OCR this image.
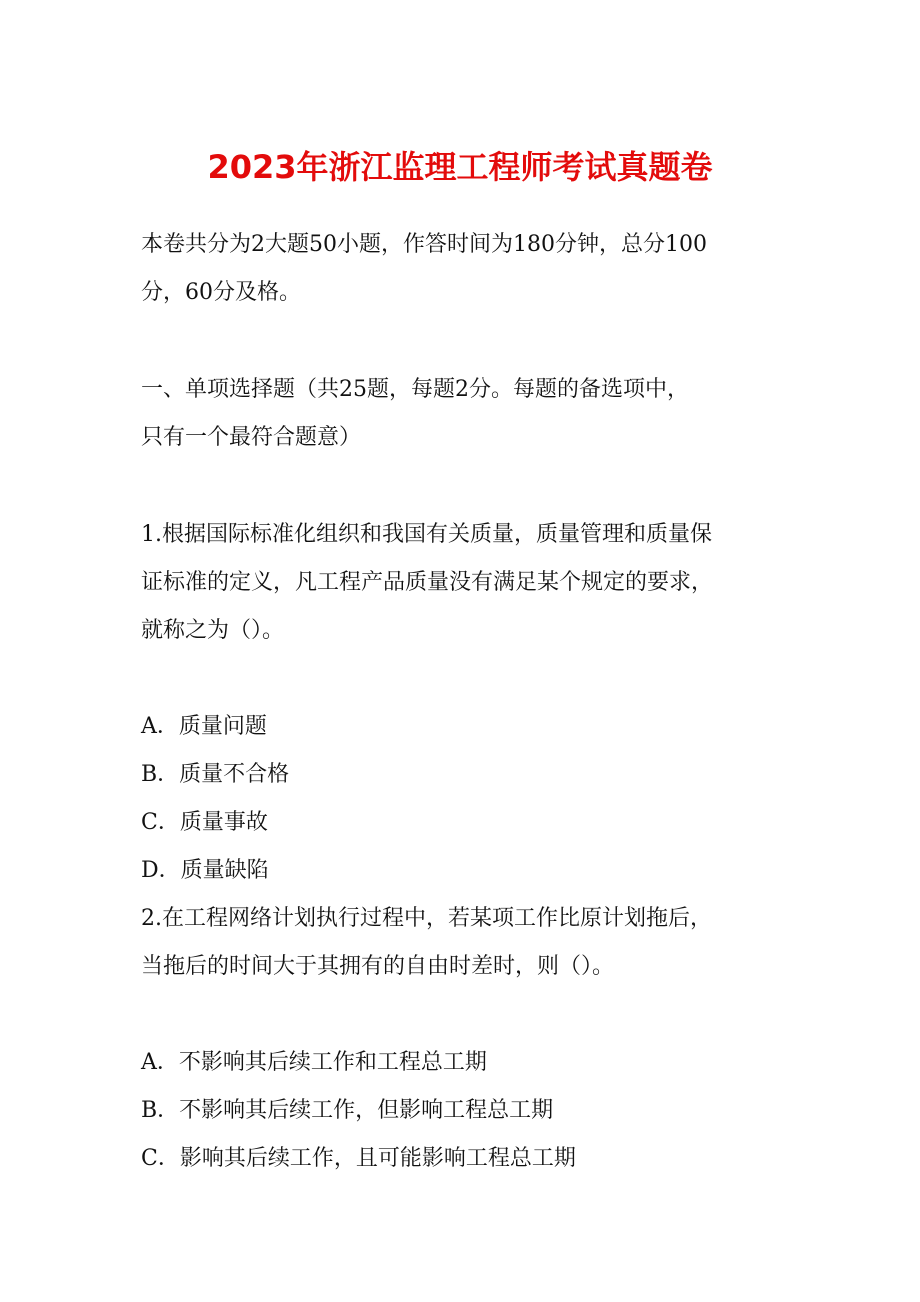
2023年浙江监理工程师考试真题卷

本卷共分为2大题50小题，作答时间为180分钟，总分100

分，60分及格。

一、单项选择题（共25题，每题2分。每题的备选项中，

只有一个最符合题意）

1.根据国际标准化组织和我国有关质量，质量管理和质量保

证标准的定义，凡工程产品质量没有满足某个规定的要求，

就称之为（）。

A．质量问题

B．质量不合格

C．质量事故

D．质量缺陷

2.在工程网络计划执行过程中，若某项工作比原计划拖后，

当拖后的时间大于其拥有的自由时差时，则（）。

A．不影响其后续工作和工程总工期

B．不影响其后续工作，但影响工程总工期

C．影响其后续工作，且可能影响工程总工期
